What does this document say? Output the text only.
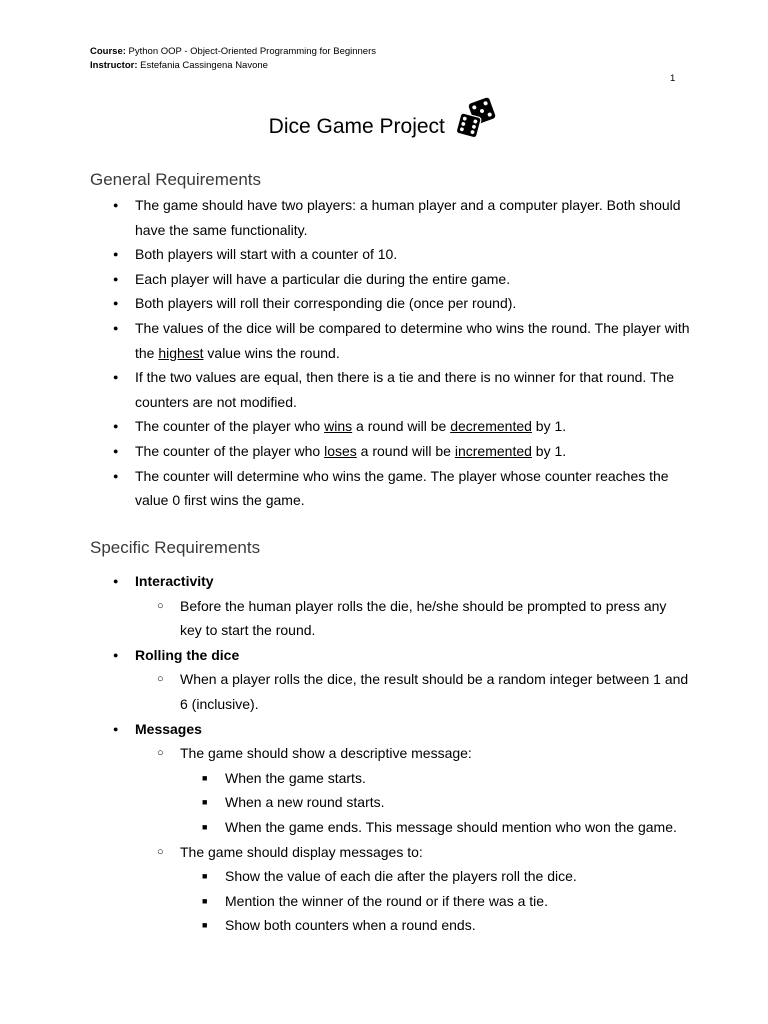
Course: Python OOP - Object-Oriented Programming for Beginners
Instructor: Estefania Cassingena Navone
1
Dice Game Project
General Requirements
● The game should have two players: a human player and a computer player. Both should have the same functionality.
● Both players will start with a counter of 10.
● Each player will have a particular die during the entire game.
● Both players will roll their corresponding die (once per round).
● The values of the dice will be compared to determine who wins the round. The player with the highest value wins the round.
● If the two values are equal, then there is a tie and there is no winner for that round. The counters are not modified.
● The counter of the player who wins a round will be decremented by 1.
● The counter of the player who loses a round will be incremented by 1.
● The counter will determine who wins the game. The player whose counter reaches the value 0 first wins the game.
Specific Requirements
● Interactivity
○ Before the human player rolls the die, he/she should be prompted to press any key to start the round.
● Rolling the dice
○ When a player rolls the dice, the result should be a random integer between 1 and 6 (inclusive).
● Messages
○ The game should show a descriptive message:
■ When the game starts.
■ When a new round starts.
■ When the game ends. This message should mention who won the game.
○ The game should display messages to:
■ Show the value of each die after the players roll the dice.
■ Mention the winner of the round or if there was a tie.
■ Show both counters when a round ends.
